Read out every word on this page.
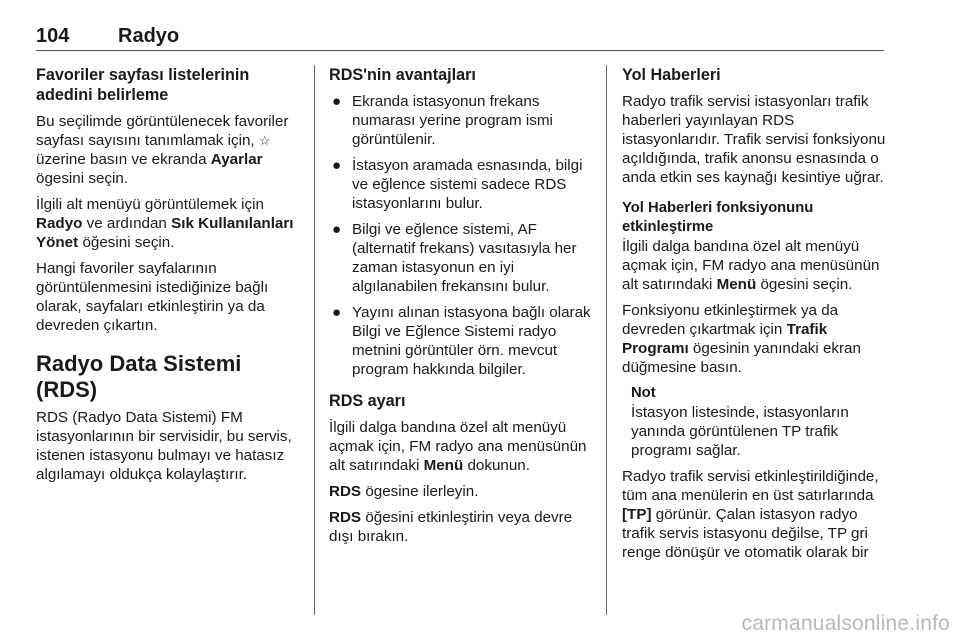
104 Radyo
Favoriler sayfası listelerinin adedini belirleme

Bu seçilimde görüntülenecek favoriler sayfası sayısını tanımlamak için, ☆ üzerine basın ve ekranda Ayarlar ögesini seçin.

İlgili alt menüyü görüntülemek için Radyo ve ardından Sık Kullanılanları Yönet öğesini seçin.

Hangi favoriler sayfalarının görüntülenmesini istediğinize bağlı olarak, sayfaları etkinleştirin ya da devreden çıkartın.

Radyo Data Sistemi (RDS)

RDS (Radyo Data Sistemi) FM istasyonlarının bir servisidir, bu servis, istenen istasyonu bulmayı ve hatasız algılamayı oldukça kolaylaştırır.

RDS'nin avantajları
● Ekranda istasyonun frekans numarası yerine program ismi görüntülenir.
● İstasyon aramada esnasında, bilgi ve eğlence sistemi sadece RDS istasyonlarını bulur.
● Bilgi ve eğlence sistemi, AF (alternatif frekans) vasıtasıyla her zaman istasyonun en iyi algılanabilen frekansını bulur.
● Yayını alınan istasyona bağlı olarak Bilgi ve Eğlence Sistemi radyo metnini görüntüler örn. mevcut program hakkında bilgiler.
RDS ayarı

İlgili dalga bandına özel alt menüyü açmak için, FM radyo ana menüsünün alt satırındaki Menü dokunun.

RDS ögesine ilerleyin.

RDS öğesini etkinleştirin veya devre dışı bırakın.

Yol Haberleri

Radyo trafik servisi istasyonları trafik haberleri yayınlayan RDS istasyonlarıdır. Trafik servisi fonksiyonu açıldığında, trafik anonsu esnasında o anda etkin ses kaynağı kesintiye uğrar.

Yol Haberleri fonksiyonunu etkinleştirme

İlgili dalga bandına özel alt menüyü açmak için, FM radyo ana menüsünün alt satırındaki Menü ögesini seçin.

Fonksiyonu etkinleştirmek ya da devreden çıkartmak için Trafik Programı ögesinin yanındaki ekran düğmesine basın.

Not
İstasyon listesinde, istasyonların yanında görüntülenen TP trafik programı sağlar.

Radyo trafik servisi etkinleştirildiğinde, tüm ana menülerin en üst satırlarında [TP] görünür. Çalan istasyon radyo trafik servis istasyonu değilse, TP gri renge dönüşür ve otomatik olarak bir

carmanualsonline.info
